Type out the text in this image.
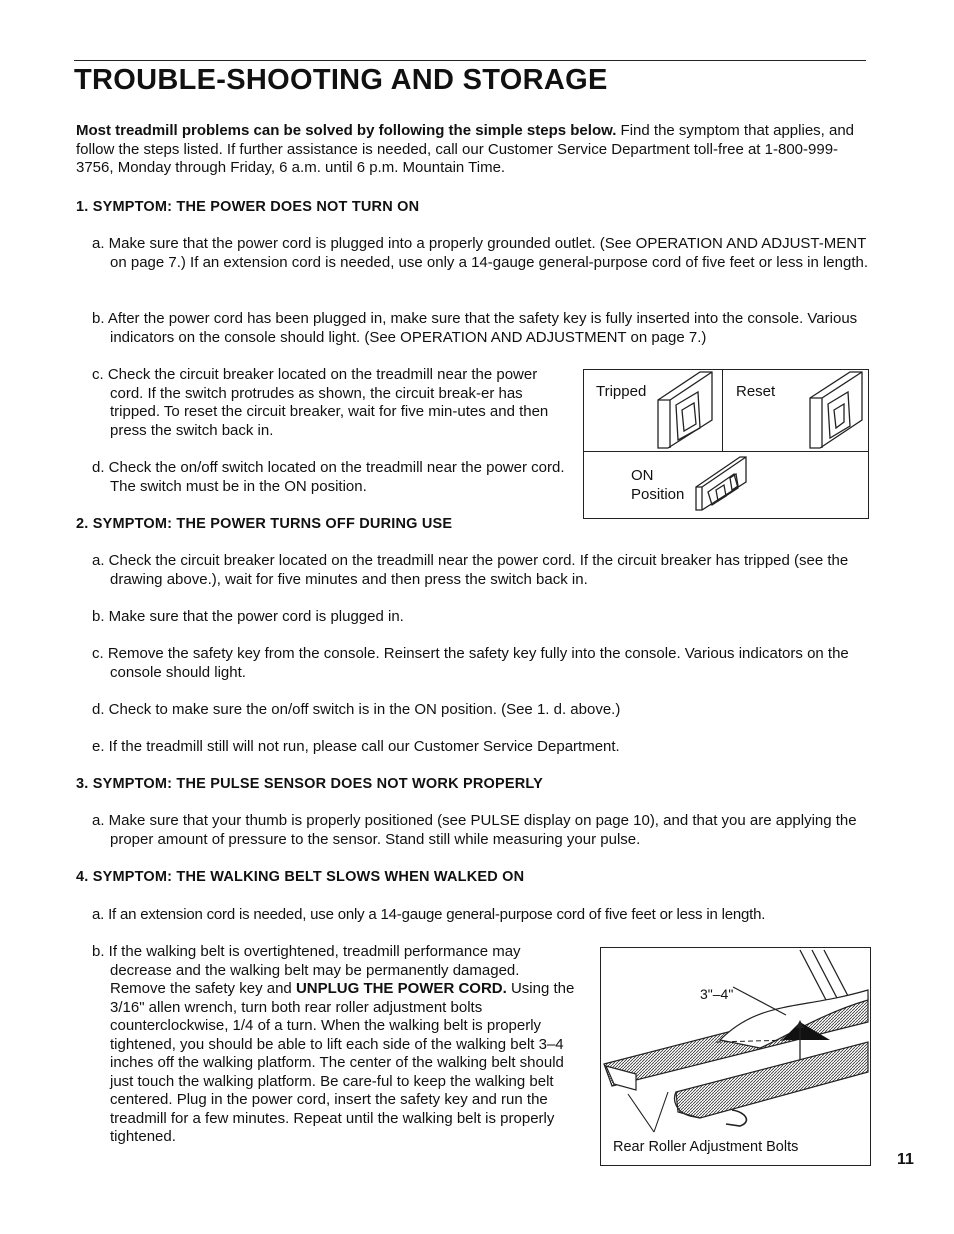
TROUBLE-SHOOTING AND STORAGE
Most treadmill problems can be solved by following the simple steps below. Find the symptom that applies, and follow the steps listed. If further assistance is needed, call our Customer Service Department toll-free at 1-800-999-3756, Monday through Friday, 6 a.m. until 6 p.m. Mountain Time.
1. SYMPTOM: THE POWER DOES NOT TURN ON
a. Make sure that the power cord is plugged into a properly grounded outlet. (See OPERATION AND ADJUST-MENT on page 7.) If an extension cord is needed, use only a 14-gauge general-purpose cord of five feet or less in length.
b. After the power cord has been plugged in, make sure that the safety key is fully inserted into the console. Various indicators on the console should light. (See OPERATION AND ADJUSTMENT on page 7.)
c. Check the circuit breaker located on the treadmill near the power cord. If the switch protrudes as shown, the circuit break-er has tripped. To reset the circuit breaker, wait for five min-utes and then press the switch back in.
d. Check the on/off switch located on the treadmill near the power cord. The switch must be in the ON position.
Tripped	Reset
ON
Position
2. SYMPTOM: THE POWER TURNS OFF DURING USE
a. Check the circuit breaker located on the treadmill near the power cord. If the circuit breaker has tripped (see the drawing above.), wait for five minutes and then press the switch back in.
b. Make sure that the power cord is plugged in.
c. Remove the safety key from the console. Reinsert the safety key fully into the console. Various indicators on the console should light.
d. Check to make sure the on/off switch is in the ON position. (See 1. d. above.)
e. If the treadmill still will not run, please call our Customer Service Department.
3. SYMPTOM: THE PULSE SENSOR DOES NOT WORK PROPERLY
a. Make sure that your thumb is properly positioned (see PULSE display on page 10), and that you are applying the proper amount of pressure to the sensor. Stand still while measuring your pulse.
4. SYMPTOM: THE WALKING BELT SLOWS WHEN WALKED ON
a. If an extension cord is needed, use only a 14-gauge general-purpose cord of five feet or less in length.
b. If the walking belt is overtightened, treadmill performance may decrease and the walking belt may be permanently damaged. Remove the safety key and UNPLUG THE POWER CORD. Using the 3/16" allen wrench, turn both rear roller adjustment bolts counterclockwise, 1/4 of a turn. When the walking belt is properly tightened, you should be able to lift each side of the walking belt 3–4 inches off the walking platform. The center of the walking belt should just touch the walking platform. Be care-ful to keep the walking belt centered. Plug in the power cord, insert the safety key and run the treadmill for a few minutes. Repeat until the walking belt is properly tightened.
3"–4"
Rear Roller Adjustment Bolts
11
